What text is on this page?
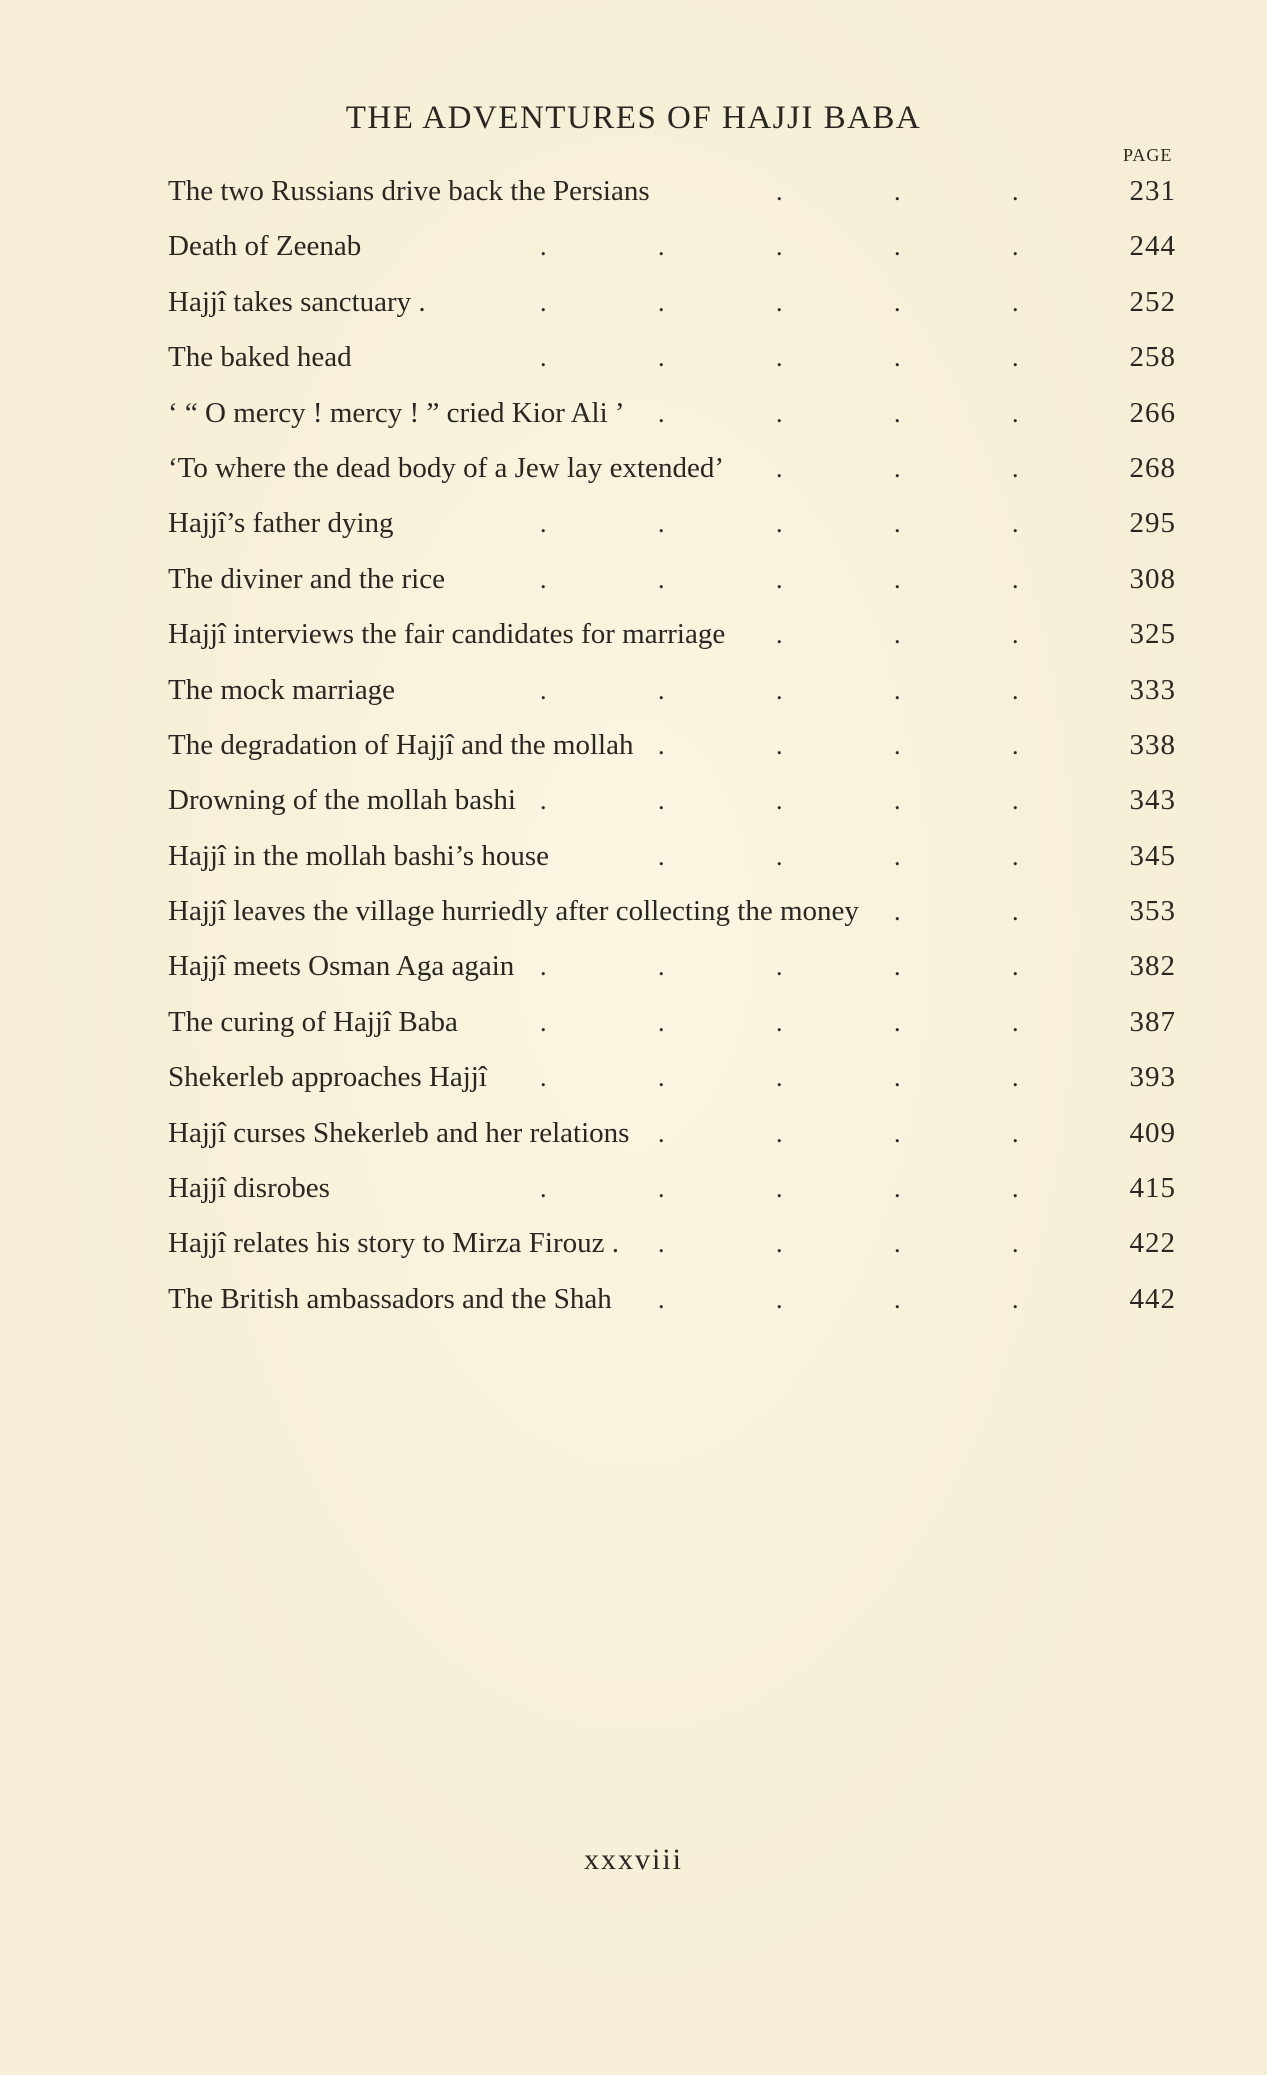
THE ADVENTURES OF HAJJI BABA
PAGE
The two Russians drive back the Persians	.	.	.	231
Death of Zeenab	.	.	.	.	.	244
Hajjî takes sanctuary .	.	.	.	.	.	252
The baked head	.	.	.	.	.	258
‘ “ O mercy ! mercy ! ” cried Kior Ali ’ .	.	.	.	266
‘To where the dead body of a Jew lay extended’ .	.	.	268
Hajjî’s father dying	.	.	.	.	.	295
The diviner and the rice	.	.	.	.	.	308
Hajjî interviews the fair candidates for marriage .	.	.	325
The mock marriage	.	.	.	.	.	333
The degradation of Hajjî and the mollah .	.	.	.	338
Drowning of the mollah bashi .	.	.	.	.	343
Hajjî in the mollah bashi’s house	.	.	.	.	345
Hajjî leaves the village hurriedly after collecting the money .	.	353
Hajjî meets Osman Aga again .	.	.	.	.	382
The curing of Hajjî Baba	.	.	.	.	.	387
Shekerleb approaches Hajjî .	.	.	.	.	393
Hajjî curses Shekerleb and her relations .	.	.	.	409
Hajjî disrobes	.	.	.	.	.	415
Hajjî relates his story to Mirza Firouz . .	.	.	.	422
The British ambassadors and the Shah .	.	.	.	442
xxxviii
